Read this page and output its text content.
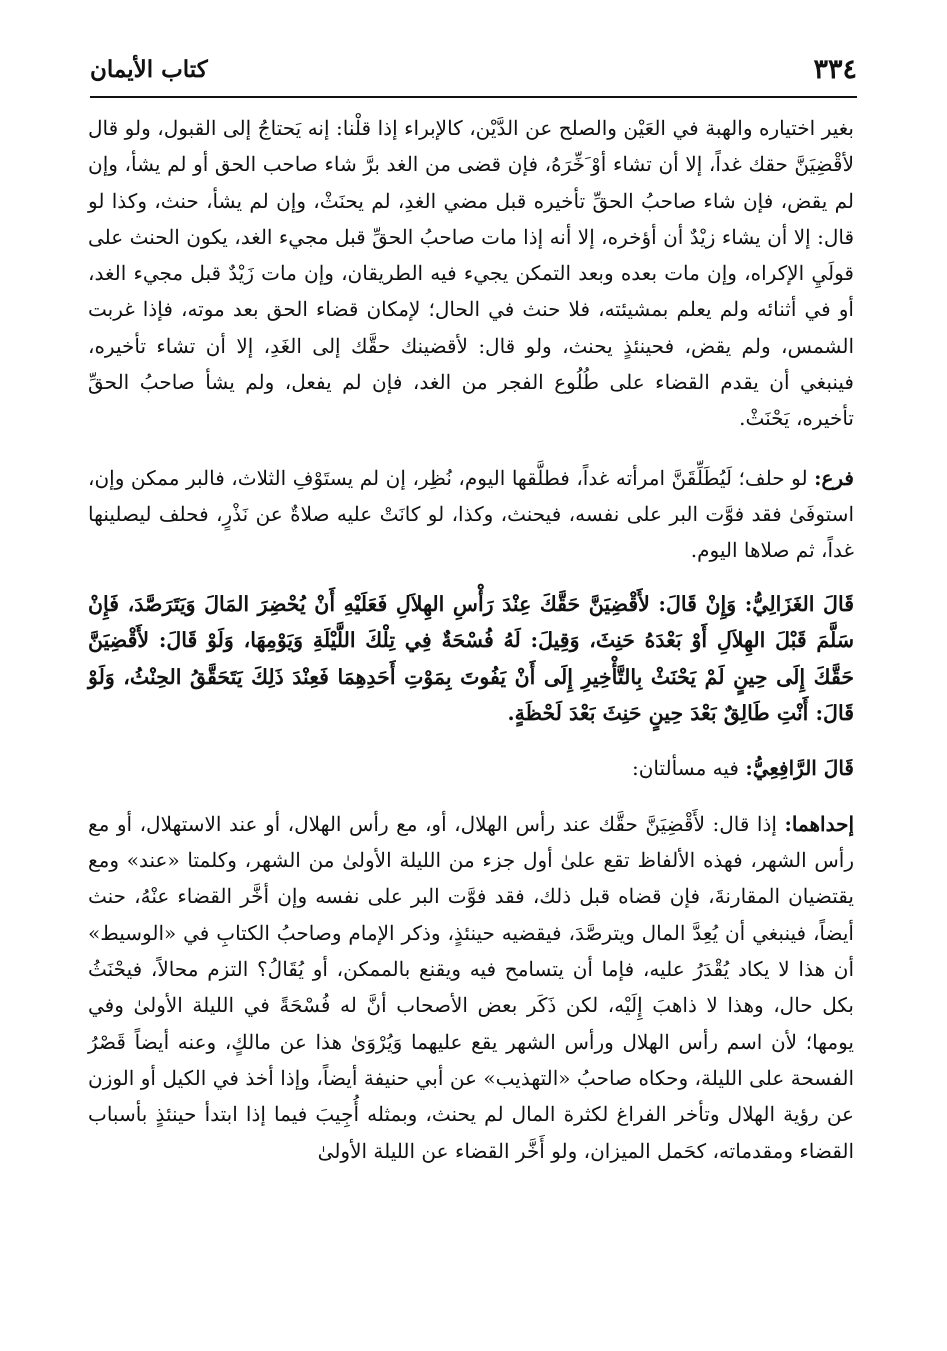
٣٣٤
كتاب الأيمان

بغير اختياره والهبة في العَيْن والصلح عن الدَّيْن، كالإبراء إذا قلْنا: إنه يَحتاجُ إلى القبول، ولو قال لأقْضِيَنَّ حقك غداً، إلا أن تشاء أوْ َخِّرَهُ، فإن قضى من الغد برَّ شاء صاحب الحق أو لم يشأ، وإن لم يقض، فإن شاء صاحبُ الحقِّ تأخيره قبل مضي الغدِ، لم يحنَثْ، وإن لم يشأ، حنث، وكذا لو قال: إلا أن يشاء زيْدٌ أن أؤخره، إلا أنه إذا مات صاحبُ الحقِّ قبل مجيء الغد، يكون الحنث على قولَيِ الإكراه، وإن مات بعده وبعد التمكن يجيء فيه الطريقان، وإن مات زَيْدٌ قبل مجيء الغد، أو في أثنائه ولم يعلم بمشيئته، فلا حنث في الحال؛ لإمكان قضاء الحق بعد موته، فإذا غربت الشمس، ولم يقض، فحينئذٍ يحنث، ولو قال: لأقضينك حقَّك إلى الغَدِ، إلا أن تشاء تأخيره، فينبغي أن يقدم القضاء على طُلُوع الفجر من الغد، فإن لم يفعل، ولم يشأ صاحبُ الحقِّ تأخيره، يَحْنَثْ.

فرع: لو حلف؛ لَيُطَلِّقَنَّ امرأته غداً، فطلَّقها اليوم، نُظِر، إن لم يستَوْفِ الثلاث، فالبر ممكن وإن، استوفَىٰ فقد فوَّت البر على نفسه، فيحنث، وكذا، لو كانَتْ عليه صلاةٌ عن نَذْرٍ، فحلف ليصلينها غداً، ثم صلاها اليوم.

قَالَ الغَزَالِيُّ: وَإِنْ قَالَ: لأَقْضِيَنَّ حَقَّكَ عِنْدَ رَأْسِ الهِلاَلِ فَعَلَيْهِ أَنْ يُحْضِرَ المَالَ وَيَتَرَصَّدَ، فَإِنْ سَلَّمَ قَبْلَ الهِلاَلِ أَوْ بَعْدَهُ حَنِثَ، وَقِيلَ: لَهُ فُسْحَةٌ فِي تِلْكَ اللَّيْلَةِ وَيَوْمِهَا، وَلَوْ قَالَ: لأَقْضِيَنَّ حَقَّكَ إِلَى حِينٍ لَمْ يَحْنَثْ بِالتَّأْخِيرِ إِلَى أَنْ يَفُوتَ بِمَوْتِ أَحَدِهِمَا فَعِنْدَ ذَلِكَ يَتَحَقَّقُ الحِنْثُ، وَلَوْ قَالَ: أَنْتِ طَالِقٌ بَعْدَ حِينٍ حَنِثَ بَعْدَ لَحْظَةٍ.

قَالَ الرَّافِعِيُّ: فيه مسألتان:

إحداهما: إذا قال: لأَقْضِيَنَّ حقَّك عند رأس الهلال، أو، مع رأس الهلال، أو عند الاستهلال، أو مع رأس الشهر، فهذه الألفاظ تقع علىٰ أول جزء من الليلة الأولىٰ من الشهر، وكلمتا «عند» ومع يقتضيان المقارنةَ، فإن قضاه قبل ذلك، فقد فوَّت البر على نفسه وإن أخَّر القضاء عنْهُ، حنث أيضاً، فينبغي أن يُعِدَّ المال ويترصَّدَ، فيقضيه حينئذٍ، وذكر الإمام وصاحبُ الكتابِ في «الوسيط» أن هذا لا يكاد يُقْدَرُ عليه، فإما أن يتسامح فيه ويقنع بالممكن، أو يُقَالُ؟ التزم محالاً، فيحْنَثُ بكل حال، وهذا لا ذاهبَ إِلَيْه، لكن ذَكَر بعض الأصحاب أنَّ له فُسْحَةً في الليلة الأولىٰ وفي يومها؛ لأن اسم رأس الهلال ورأس الشهر يقع عليهما وَيُرْوَىٰ هذا عن مالكٍ، وعنه أيضاً قَصْرُ الفسحة على الليلة، وحكاه صاحبُ «التهذيب» عن أبي حنيفة أيضاً، وإذا أخذ في الكيل أو الوزن عن رؤية الهلال وتأخر الفراغ لكثرة المال لم يحنث، وبمثله أُجِيبَ فيما إذا ابتدأ حينئذٍ بأسباب القضاء ومقدماته، كحَمل الميزان، ولو أَخَّر القضاء عن الليلة الأولىٰ
